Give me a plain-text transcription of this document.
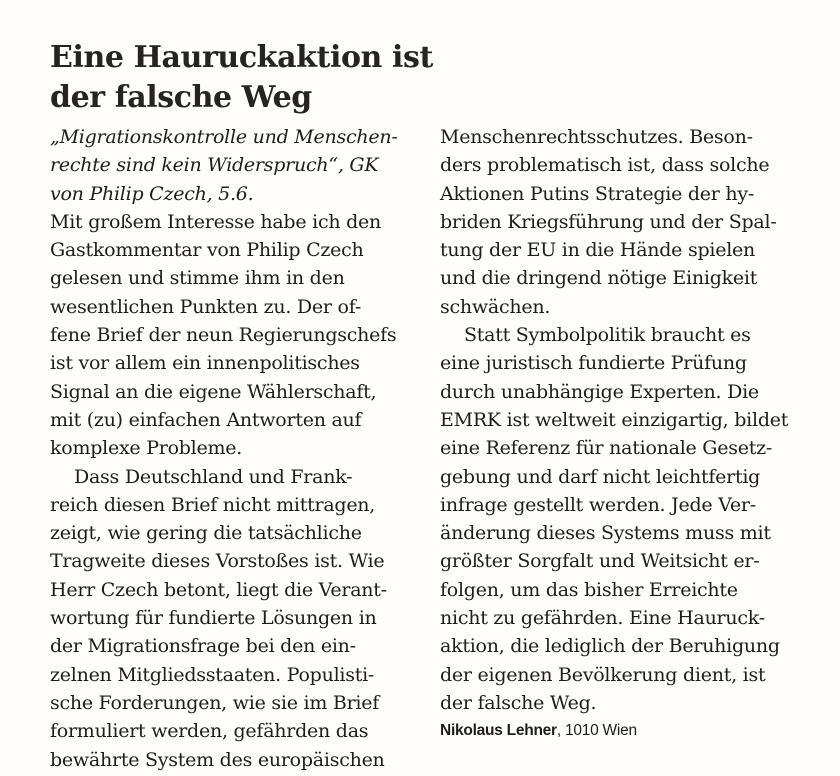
Eine Hauruckaktion ist
der falsche Weg
„Migrationskontrolle und Menschen-
rechte sind kein Widerspruch“, GK
von Philip Czech, 5.6.
Mit großem Interesse habe ich den
Gastkommentar von Philip Czech
gelesen und stimme ihm in den
wesentlichen Punkten zu. Der of-
fene Brief der neun Regierungschefs
ist vor allem ein innenpolitisches
Signal an die eigene Wählerschaft,
mit (zu) einfachen Antworten auf
komplexe Probleme.
Dass Deutschland und Frank-
reich diesen Brief nicht mittragen,
zeigt, wie gering die tatsächliche
Tragweite dieses Vorstoßes ist. Wie
Herr Czech betont, liegt die Verant-
wortung für fundierte Lösungen in
der Migrationsfrage bei den ein-
zelnen Mitgliedsstaaten. Populisti-
sche Forderungen, wie sie im Brief
formuliert werden, gefährden das
bewährte System des europäischen
Menschenrechtsschutzes. Beson-
ders problematisch ist, dass solche
Aktionen Putins Strategie der hy-
briden Kriegsführung und der Spal-
tung der EU in die Hände spielen
und die dringend nötige Einigkeit
schwächen.
Statt Symbolpolitik braucht es
eine juristisch fundierte Prüfung
durch unabhängige Experten. Die
EMRK ist weltweit einzigartig, bildet
eine Referenz für nationale Gesetz-
gebung und darf nicht leichtfertig
infrage gestellt werden. Jede Ver-
änderung dieses Systems muss mit
größter Sorgfalt und Weitsicht er-
folgen, um das bisher Erreichte
nicht zu gefährden. Eine Hauruck-
aktion, die lediglich der Beruhigung
der eigenen Bevölkerung dient, ist
der falsche Weg.
Nikolaus Lehner, 1010 Wien
